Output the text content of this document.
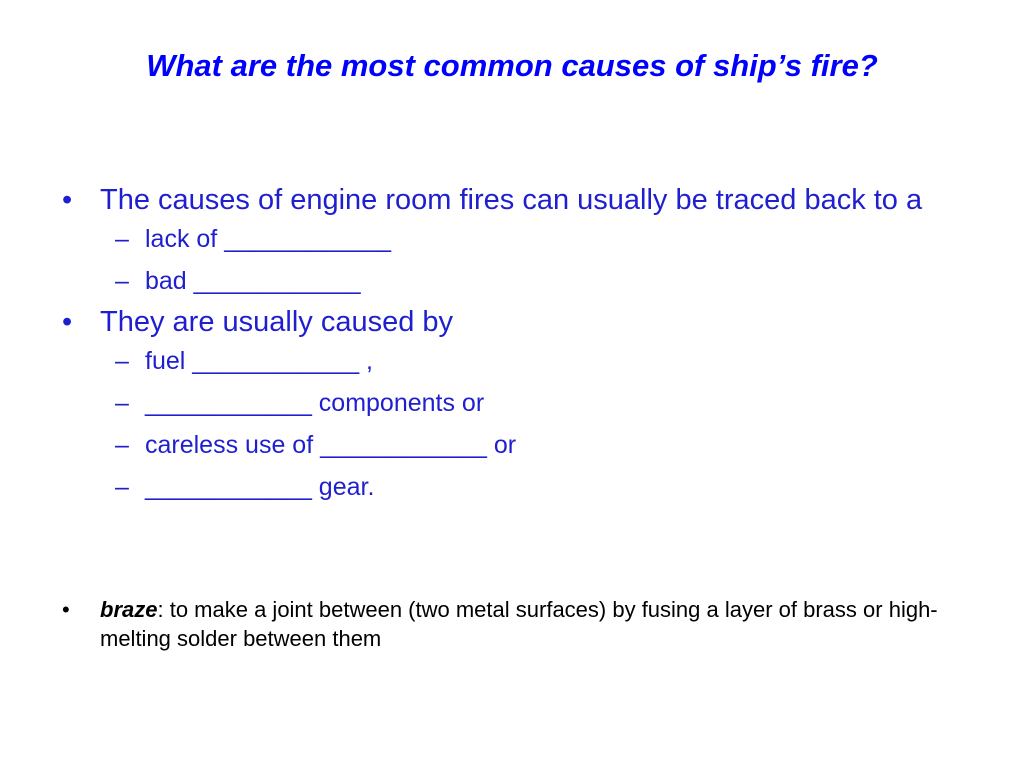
What are the most common causes of ship’s fire?

• The causes of engine room fires can usually be traced back to a

– lack of ____________

– bad ____________

• They are usually caused by

– fuel ____________ ,

– ____________ components or

– careless use of ____________ or

– ____________ gear.

• braze: to make a joint between (two metal surfaces) by fusing a layer of brass or high-melting solder between them
